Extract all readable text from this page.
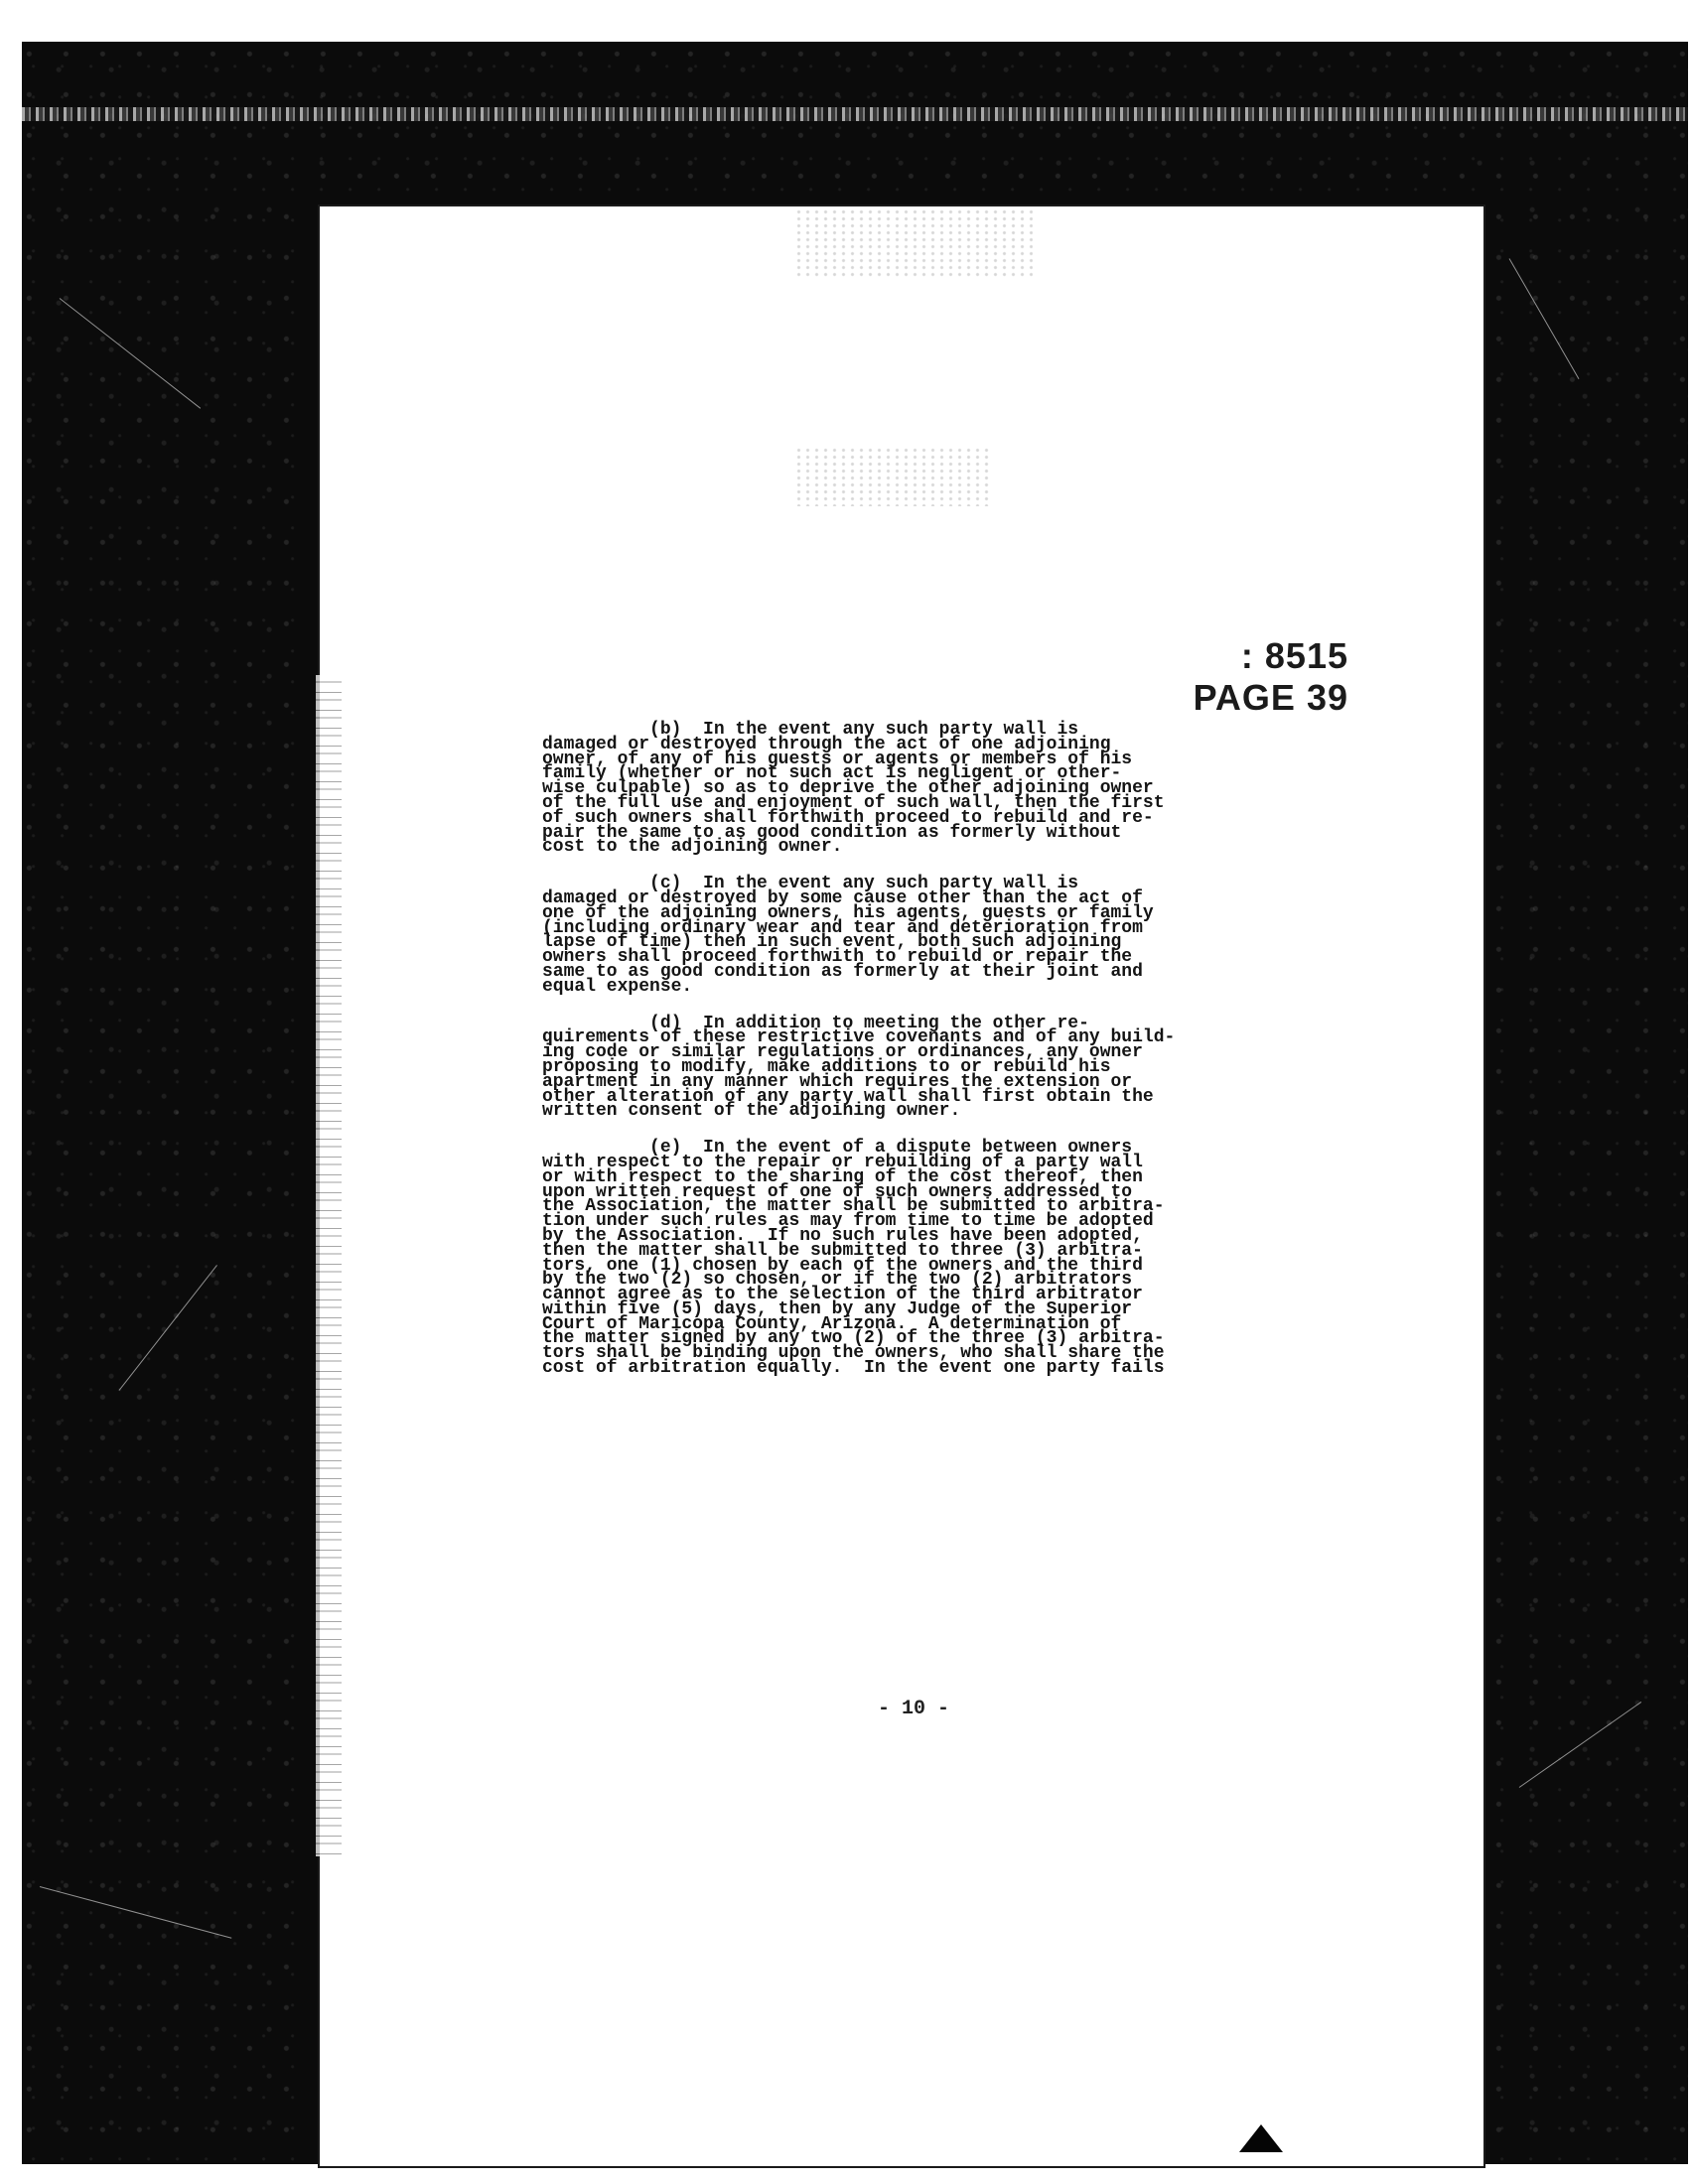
: 8515 PAGE 39
(b)  In the event any such party wall is
damaged or destroyed through the act of one adjoining
owner, of any of his guests or agents or members of his
family (whether or not such act is negligent or other-
wise culpable) so as to deprive the other adjoining owner
of the full use and enjoyment of such wall, then the first
of such owners shall forthwith proceed to rebuild and re-
pair the same to as good condition as formerly without
cost to the adjoining owner.
(c)  In the event any such party wall is
damaged or destroyed by some cause other than the act of
one of the adjoining owners, his agents, guests or family
(including ordinary wear and tear and deterioration from
lapse of time) then in such event, both such adjoining
owners shall proceed forthwith to rebuild or repair the
same to as good condition as formerly at their joint and
equal expense.
(d)  In addition to meeting the other re-
quirements of these restrictive covenants and of any build-
ing code or similar regulations or ordinances, any owner
proposing to modify, make additions to or rebuild his
apartment in any manner which requires the extension or
other alteration of any party wall shall first obtain the
written consent of the adjoining owner.
(e)  In the event of a dispute between owners
with respect to the repair or rebuilding of a party wall
or with respect to the sharing of the cost thereof, then
upon written request of one of such owners addressed to
the Association, the matter shall be submitted to arbitra-
tion under such rules as may from time to time be adopted
by the Association.  If no such rules have been adopted,
then the matter shall be submitted to three (3) arbitra-
tors, one (1) chosen by each of the owners and the third
by the two (2) so chosen, or if the two (2) arbitrators
cannot agree as to the selection of the third arbitrator
within five (5) days, then by any Judge of the Superior
Court of Maricopa County, Arizona.  A determination of
the matter signed by any two (2) of the three (3) arbitra-
tors shall be binding upon the owners, who shall share the
cost of arbitration equally.  In the event one party fails
- 10 -
